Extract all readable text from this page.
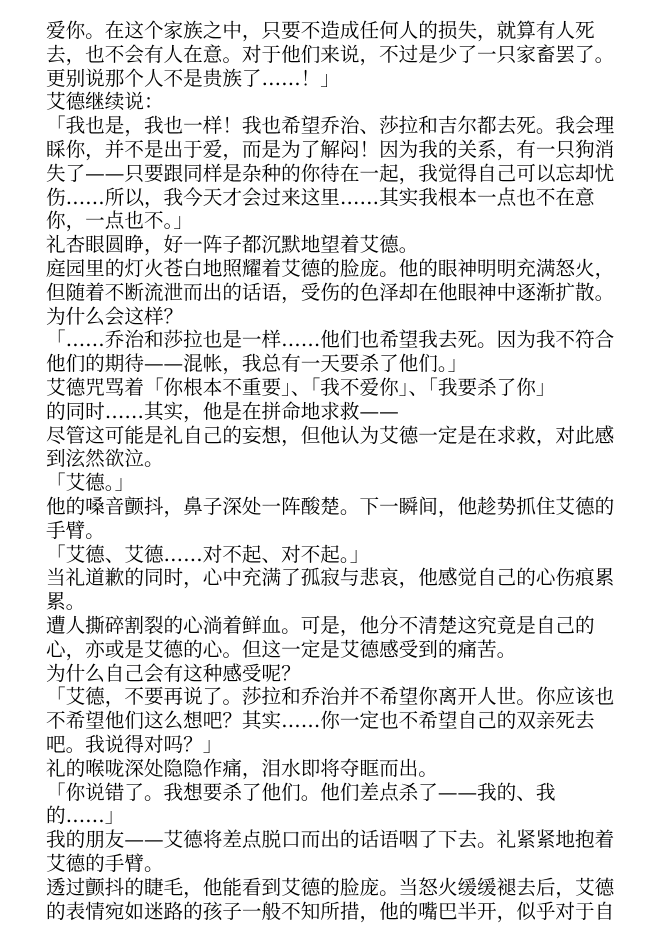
爱你。在这个家族之中，只要不造成任何人的损失，就算有人死
去，也不会有人在意。对于他们来说，不过是少了一只家畜罢了。
更别说那个人不是贵族了……！」
艾德继续说：
「我也是，我也一样！我也希望乔治、莎拉和吉尔都去死。我会理
睬你，并不是出于爱，而是为了解闷！因为我的关系，有一只狗消
失了——只要跟同样是杂种的你待在一起，我觉得自己可以忘却忧
伤……所以，我今天才会过来这里……其实我根本一点也不在意
你，一点也不。」
礼杏眼圆睁，好一阵子都沉默地望着艾德。
庭园里的灯火苍白地照耀着艾德的脸庞。他的眼神明明充满怒火，
但随着不断流泄而出的话语，受伤的色泽却在他眼神中逐渐扩散。
为什么会这样？
「……乔治和莎拉也是一样……他们也希望我去死。因为我不符合
他们的期待——混帐，我总有一天要杀了他们。」
艾德咒骂着「你根本不重要」、「我不爱你」、「我要杀了你」
的同时……其实，他是在拼命地求救——
尽管这可能是礼自己的妄想，但他认为艾德一定是在求救，对此感
到泫然欲泣。
「艾德。」
他的嗓音颤抖，鼻子深处一阵酸楚。下一瞬间，他趁势抓住艾德的
手臂。
「艾德、艾德……对不起、对不起。」
当礼道歉的同时，心中充满了孤寂与悲哀，他感觉自己的心伤痕累
累。
遭人撕碎割裂的心淌着鲜血。可是，他分不清楚这究竟是自己的
心，亦或是艾德的心。但这一定是艾德感受到的痛苦。
为什么自己会有这种感受呢？
「艾德，不要再说了。莎拉和乔治并不希望你离开人世。你应该也
不希望他们这么想吧？其实……你一定也不希望自己的双亲死去
吧。我说得对吗？」
礼的喉咙深处隐隐作痛，泪水即将夺眶而出。
「你说错了。我想要杀了他们。他们差点杀了——我的、我
的……」
我的朋友——艾德将差点脱口而出的话语咽了下去。礼紧紧地抱着
艾德的手臂。
透过颤抖的睫毛，他能看到艾德的脸庞。当怒火缓缓褪去后，艾德
的表情宛如迷路的孩子一般不知所措，他的嘴巴半开，似乎对于自
